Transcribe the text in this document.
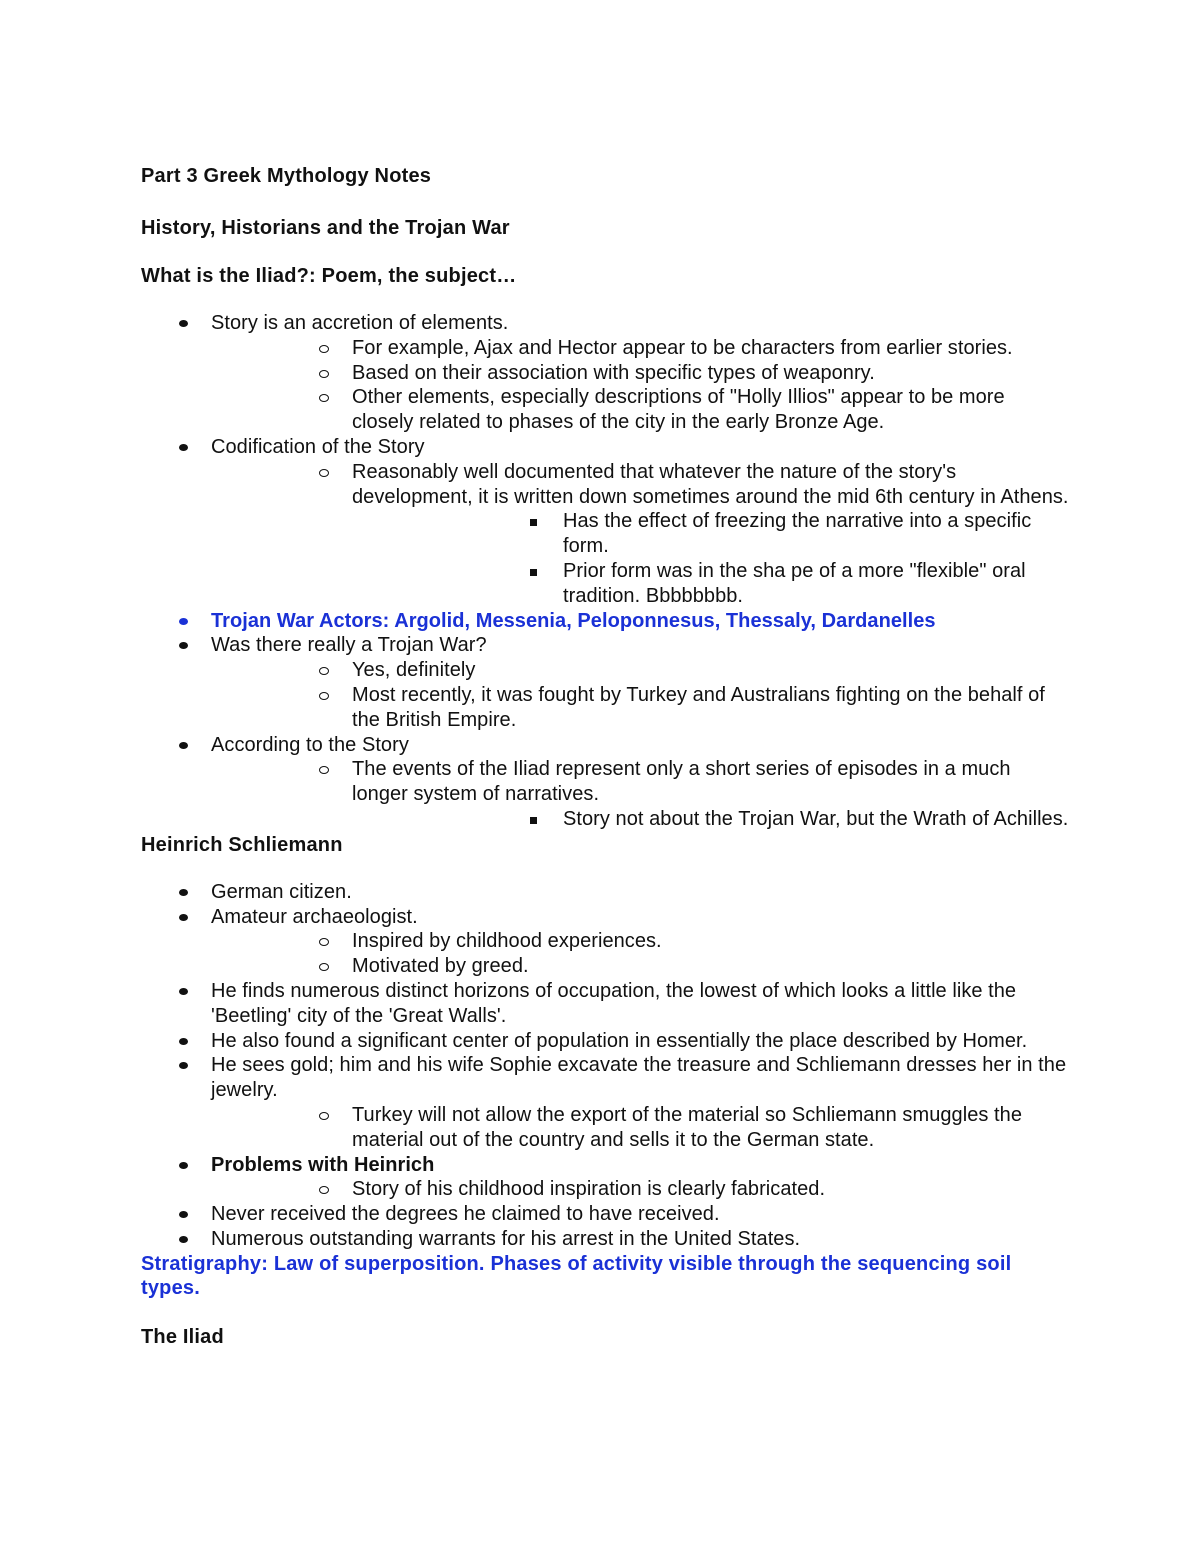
Part 3 Greek Mythology Notes

History, Historians and the Trojan War

What is the Iliad?: Poem, the subject…

Story is an accretion of elements.
For example, Ajax and Hector appear to be characters from earlier stories.
Based on their association with specific types of weaponry.
Other elements, especially descriptions of "Holly Illios" appear to be more closely related to phases of the city in the early Bronze Age.
Codification of the Story
Reasonably well documented that whatever the nature of the story's development, it is written down sometimes around the mid 6th century in Athens.
Has the effect of freezing the narrative into a specific form.
Prior form was in the sha pe of a more "flexible" oral tradition. Bbbbbbbb.
Trojan War Actors: Argolid, Messenia, Peloponnesus, Thessaly, Dardanelles
Was there really a Trojan War?
Yes, definitely
Most recently, it was fought by Turkey and Australians fighting on the behalf of the British Empire.
According to the Story
The events of the Iliad represent only a short series of episodes in a much longer system of narratives.
Story not about the Trojan War, but the Wrath of Achilles.

Heinrich Schliemann

German citizen.
Amateur archaeologist.
Inspired by childhood experiences.
Motivated by greed.
He finds numerous distinct horizons of occupation, the lowest of which looks a little like the 'Beetling' city of the 'Great Walls'.
He also found a significant center of population in essentially the place described by Homer.
He sees gold; him and his wife Sophie excavate the treasure and Schliemann dresses her in the jewelry.
Turkey will not allow the export of the material so Schliemann smuggles the material out of the country and sells it to the German state.
Problems with Heinrich
Story of his childhood inspiration is clearly fabricated.
Never received the degrees he claimed to have received.
Numerous outstanding warrants for his arrest in the United States.

Stratigraphy: Law of superposition. Phases of activity visible through the sequencing soil types.

The Iliad
